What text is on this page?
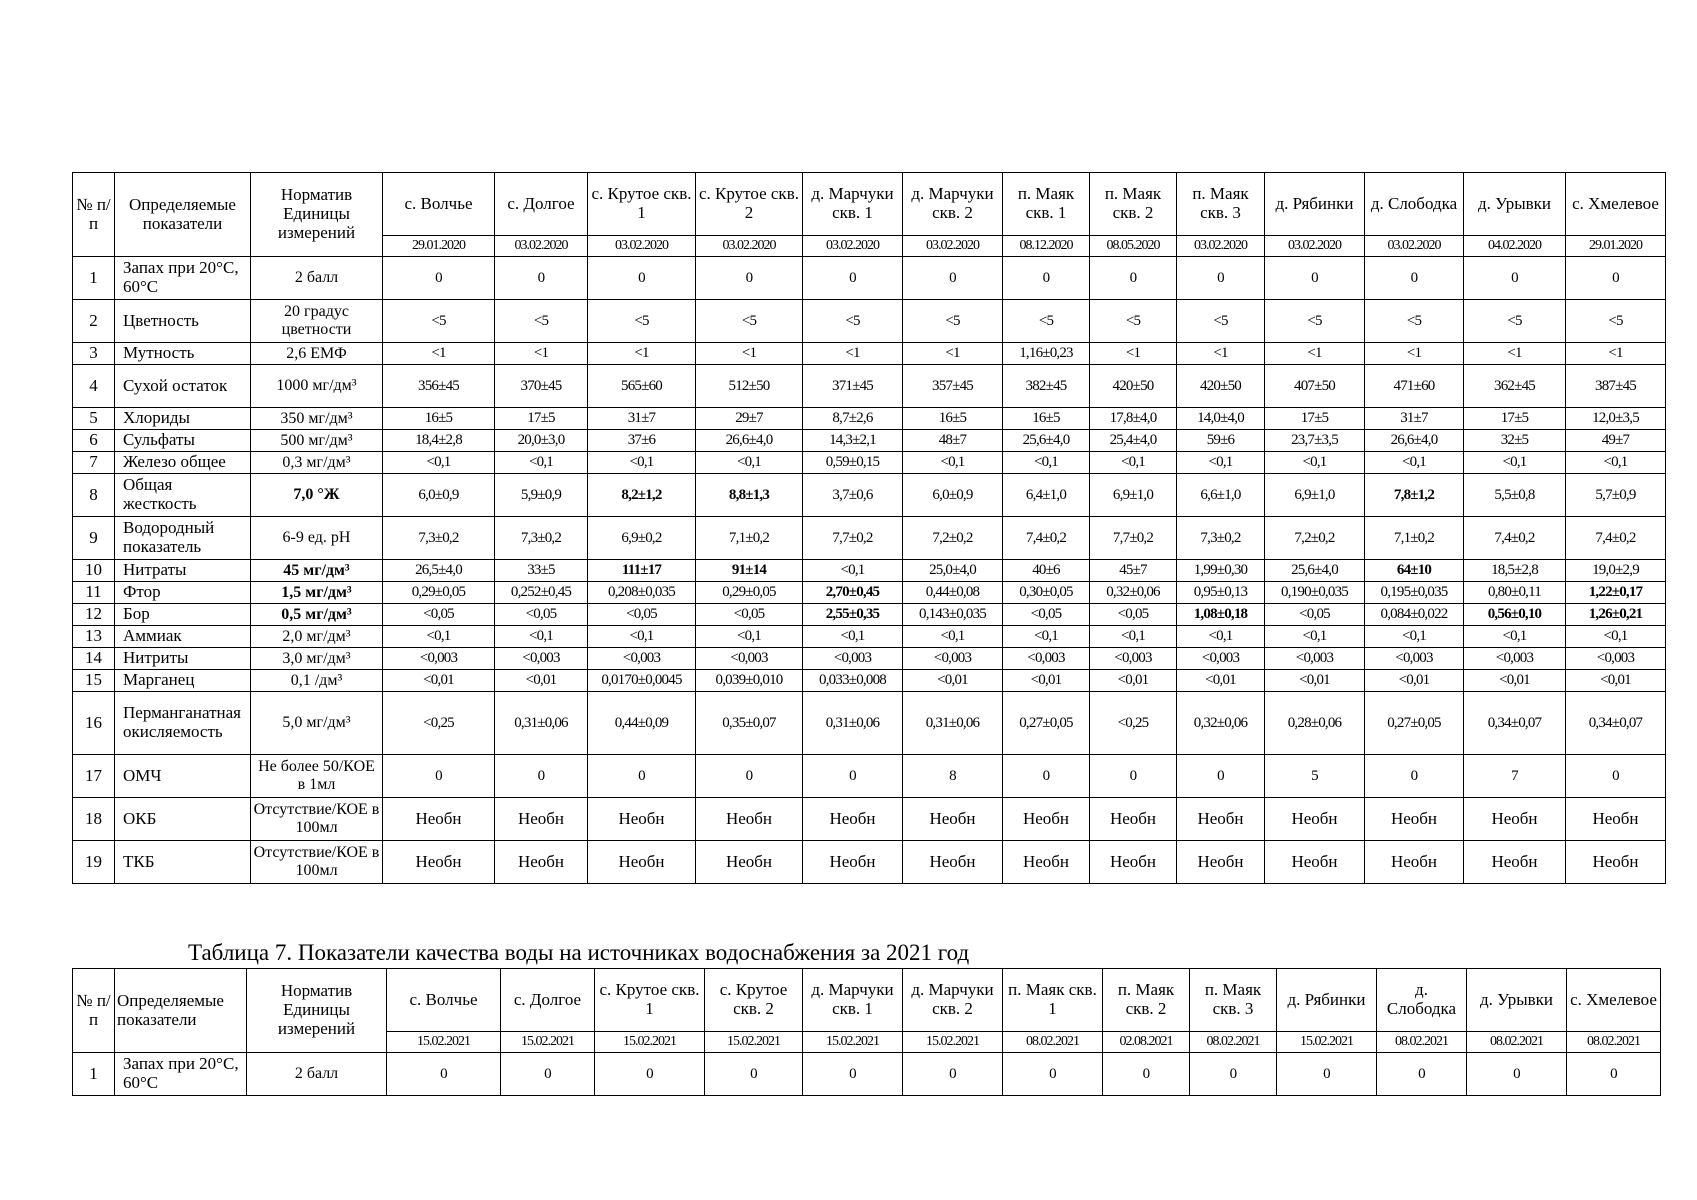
№ п/п	Определяемые показатели	Норматив Единицы измерений	с. Волчье	с. Долгое	с. Крутое скв. 1	с. Крутое скв. 2	д. Марчуки скв. 1	д. Марчуки скв. 2	п. Маяк скв. 1	п. Маяк скв. 2	п. Маяк скв. 3	д. Рябинки	д. Слободка	д. Урывки	с. Хмелевое
			29.01.2020	03.02.2020	03.02.2020	03.02.2020	03.02.2020	03.02.2020	08.12.2020	08.05.2020	03.02.2020	03.02.2020	03.02.2020	04.02.2020	29.01.2020
1	Запах при 20°С, 60°С	2 балл	0	0	0	0	0	0	0	0	0	0	0	0	0
2	Цветность	20 градус цветности	<5	<5	<5	<5	<5	<5	<5	<5	<5	<5	<5	<5	<5
3	Мутность	2,6 ЕМФ	<1	<1	<1	<1	<1	<1	1,16±0,23	<1	<1	<1	<1	<1	<1
4	Сухой остаток	1000 мг/дм³	356±45	370±45	565±60	512±50	371±45	357±45	382±45	420±50	420±50	407±50	471±60	362±45	387±45
5	Хлориды	350 мг/дм³	16±5	17±5	31±7	29±7	8,7±2,6	16±5	16±5	17,8±4,0	14,0±4,0	17±5	31±7	17±5	12,0±3,5
6	Сульфаты	500 мг/дм³	18,4±2,8	20,0±3,0	37±6	26,6±4,0	14,3±2,1	48±7	25,6±4,0	25,4±4,0	59±6	23,7±3,5	26,6±4,0	32±5	49±7
7	Железо общее	0,3 мг/дм³	<0,1	<0,1	<0,1	<0,1	0,59±0,15	<0,1	<0,1	<0,1	<0,1	<0,1	<0,1	<0,1	<0,1
8	Общая жесткость	7,0 °Ж	6,0±0,9	5,9±0,9	8,2±1,2	8,8±1,3	3,7±0,6	6,0±0,9	6,4±1,0	6,9±1,0	6,6±1,0	6,9±1,0	7,8±1,2	5,5±0,8	5,7±0,9
9	Водородный показатель	6-9 ед. pH	7,3±0,2	7,3±0,2	6,9±0,2	7,1±0,2	7,7±0,2	7,2±0,2	7,4±0,2	7,7±0,2	7,3±0,2	7,2±0,2	7,1±0,2	7,4±0,2	7,4±0,2
10	Нитраты	45 мг/дм³	26,5±4,0	33±5	111±17	91±14	<0,1	25,0±4,0	40±6	45±7	1,99±0,30	25,6±4,0	64±10	18,5±2,8	19,0±2,9
11	Фтор	1,5 мг/дм³	0,29±0,05	0,252±0,45	0,208±0,035	0,29±0,05	2,70±0,45	0,44±0,08	0,30±0,05	0,32±0,06	0,95±0,13	0,190±0,035	0,195±0,035	0,80±0,11	1,22±0,17
12	Бор	0,5 мг/дм³	<0,05	<0,05	<0,05	<0,05	2,55±0,35	0,143±0,035	<0,05	<0,05	1,08±0,18	<0,05	0,084±0,022	0,56±0,10	1,26±0,21
13	Аммиак	2,0 мг/дм³	<0,1	<0,1	<0,1	<0,1	<0,1	<0,1	<0,1	<0,1	<0,1	<0,1	<0,1	<0,1	<0,1
14	Нитриты	3,0 мг/дм³	<0,003	<0,003	<0,003	<0,003	<0,003	<0,003	<0,003	<0,003	<0,003	<0,003	<0,003	<0,003	<0,003
15	Марганец	0,1 /дм³	<0,01	<0,01	0,0170±0,0045	0,039±0,010	0,033±0,008	<0,01	<0,01	<0,01	<0,01	<0,01	<0,01	<0,01	<0,01
16	Перманганатная окисляемость	5,0 мг/дм³	<0,25	0,31±0,06	0,44±0,09	0,35±0,07	0,31±0,06	0,31±0,06	0,27±0,05	<0,25	0,32±0,06	0,28±0,06	0,27±0,05	0,34±0,07	0,34±0,07
17	ОМЧ	Не более 50/КОЕ в 1мл	0	0	0	0	0	8	0	0	0	5	0	7	0
18	ОКБ	Отсутствие/КОЕ в 100мл	Необн	Необн	Необн	Необн	Необн	Необн	Необн	Необн	Необн	Необн	Необн	Необн	Необн
19	ТКБ	Отсутствие/КОЕ в 100мл	Необн	Необн	Необн	Необн	Необн	Необн	Необн	Необн	Необн	Необн	Необн	Необн	Необн
Таблица 7. Показатели качества воды на источниках водоснабжения за 2021 год
№ п/п	Определяемые показатели	Норматив Единицы измерений	с. Волчье	с. Долгое	с. Крутое скв. 1	с. Крутое скв. 2	д. Марчуки скв. 1	д. Марчуки скв. 2	п. Маяк скв. 1	п. Маяк скв. 2	п. Маяк скв. 3	д. Рябинки	д. Слободка	д. Урывки	с. Хмелевое
			15.02.2021	15.02.2021	15.02.2021	15.02.2021	15.02.2021	15.02.2021	08.02.2021	02.08.2021	08.02.2021	15.02.2021	08.02.2021	08.02.2021	08.02.2021
1	Запах при 20°С, 60°С	2 балл	0	0	0	0	0	0	0	0	0	0	0	0	0
